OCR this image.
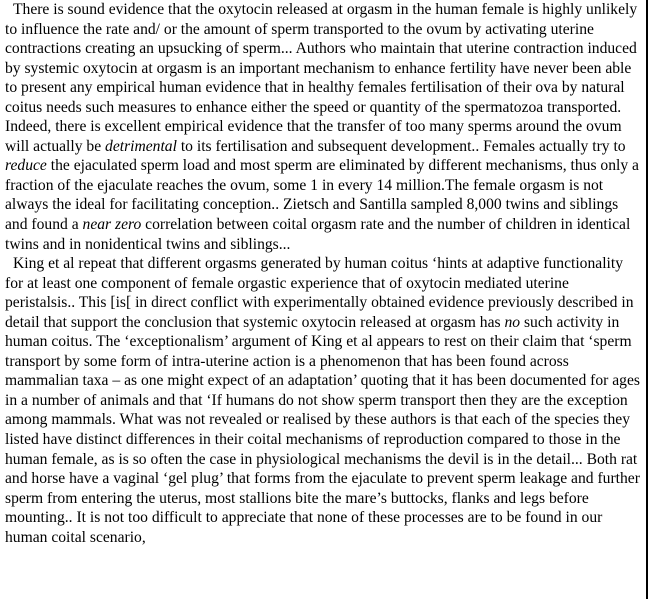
There is sound evidence that the oxytocin released at orgasm in the human female is highly unlikely to influence the rate and/ or the amount of sperm transported to the ovum by activating uterine contractions creating an upsucking of sperm... Authors who maintain that uterine contraction induced by systemic oxytocin at orgasm is an important mechanism to enhance fertility have never been able to present any empirical human evidence that in healthy females fertilisation of their ova by natural coitus needs such measures to enhance either the speed or quantity of the spermatozoa transported. Indeed, there is excellent empirical evidence that the transfer of too many sperms around the ovum will actually be detrimental to its fertilisation and subsequent development.. Females actually try to reduce the ejaculated sperm load and most sperm are eliminated by different mechanisms, thus only a fraction of the ejaculate reaches the ovum, some 1 in every 14 million.The female orgasm is not always the ideal for facilitating conception.. Zietsch and Santilla sampled 8,000 twins and siblings and found a near zero correlation between coital orgasm rate and the number of children in identical twins and in nonidentical twins and siblings...

King et al repeat that different orgasms generated by human coitus ‘hints at adaptive functionality for at least one component of female orgastic experience that of oxytocin mediated uterine peristalsis.. This [is[ in direct conflict with experimentally obtained evidence previously described in detail that support the conclusion that systemic oxytocin released at orgasm has no such activity in human coitus. The ‘exceptionalism’ argument of King et al appears to rest on their claim that ‘sperm transport by some form of intra-uterine action is a phenomenon that has been found across mammalian taxa – as one might expect of an adaptation’ quoting that it has been documented for ages in a number of animals and that ‘If humans do not show sperm transport then they are the exception among mammals. What was not revealed or realised by these authors is that each of the species they listed have distinct differences in their coital mechanisms of reproduction compared to those in the human female, as is so often the case in physiological mechanisms the devil is in the detail... Both rat and horse have a vaginal ‘gel plug’ that forms from the ejaculate to prevent sperm leakage and further sperm from entering the uterus, most stallions bite the mare’s buttocks, flanks and legs before mounting.. It is not too difficult to appreciate that none of these processes are to be found in our human coital scenario,
